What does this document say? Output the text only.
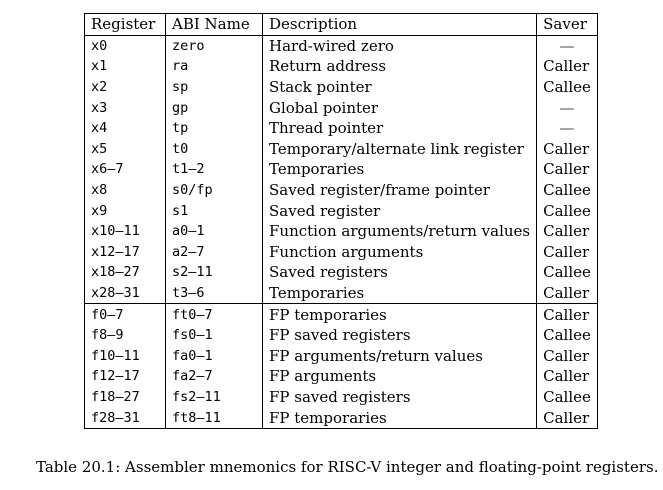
Register	ABI Name	Description	Saver
x0	zero	Hard-wired zero	—
x1	ra	Return address	Caller
x2	sp	Stack pointer	Callee
x3	gp	Global pointer	—
x4	tp	Thread pointer	—
x5	t0	Temporary/alternate link register	Caller
x6–7	t1–2	Temporaries	Caller
x8	s0/fp	Saved register/frame pointer	Callee
x9	s1	Saved register	Callee
x10–11	a0–1	Function arguments/return values	Caller
x12–17	a2–7	Function arguments	Caller
x18–27	s2–11	Saved registers	Callee
x28–31	t3–6	Temporaries	Caller
f0–7	ft0–7	FP temporaries	Caller
f8–9	fs0–1	FP saved registers	Callee
f10–11	fa0–1	FP arguments/return values	Caller
f12–17	fa2–7	FP arguments	Caller
f18–27	fs2–11	FP saved registers	Callee
f28–31	ft8–11	FP temporaries	Caller
Table 20.1: Assembler mnemonics for RISC-V integer and floating-point registers.
